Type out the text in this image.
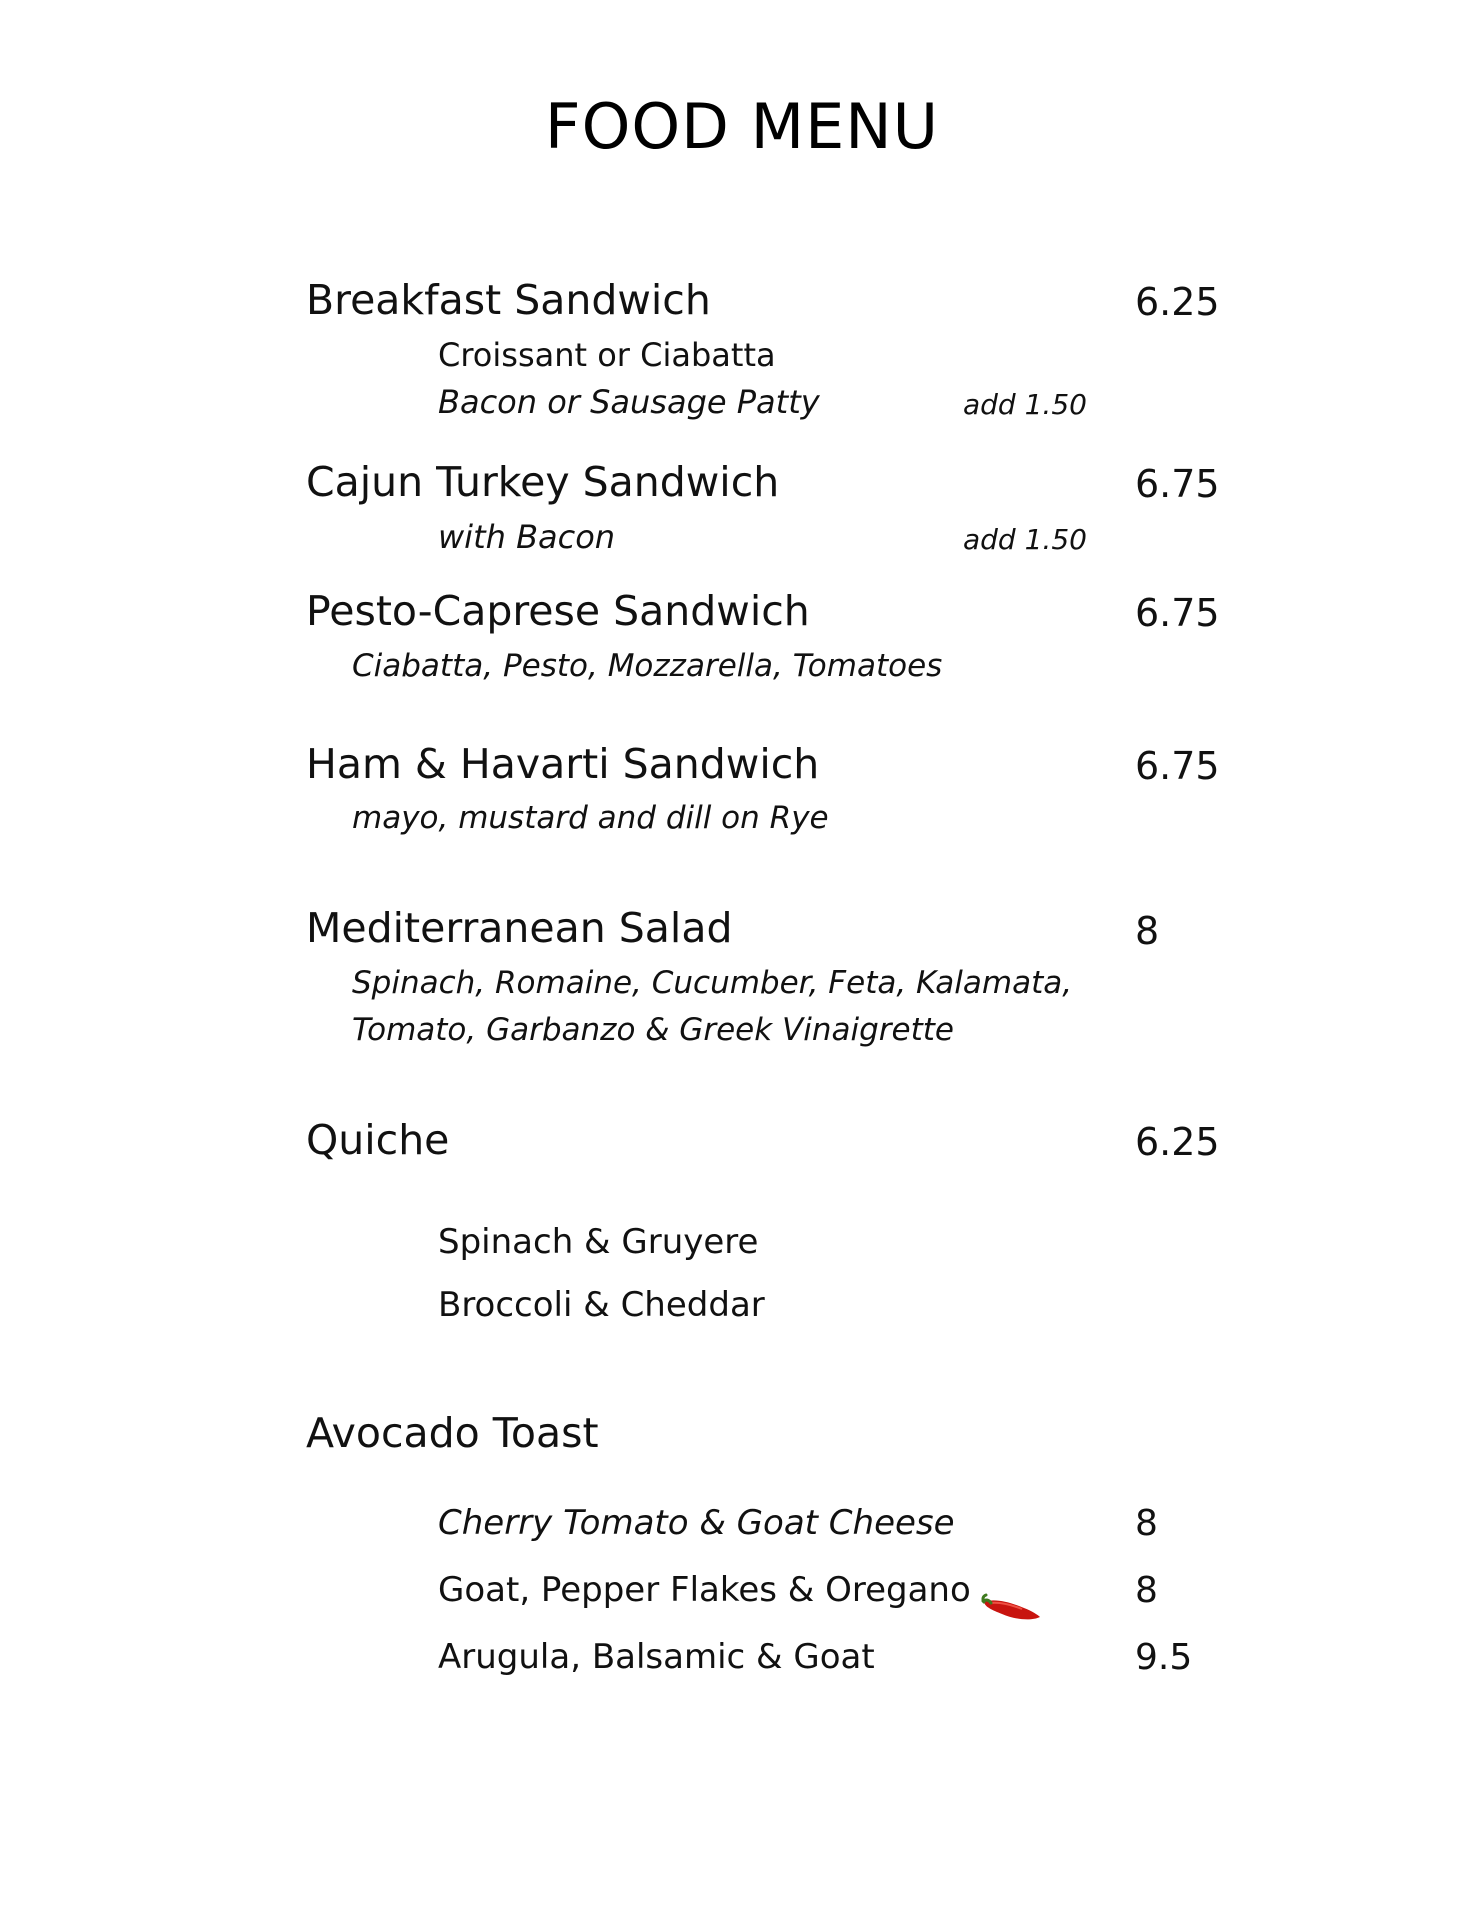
FOOD MENU
Breakfast Sandwich	6.25
Croissant or Ciabatta
Bacon or Sausage Patty	add 1.50
Cajun Turkey Sandwich	6.75
with Bacon	add 1.50
Pesto-Caprese Sandwich	6.75
Ciabatta, Pesto, Mozzarella, Tomatoes
Ham & Havarti Sandwich	6.75
mayo, mustard and dill on Rye
Mediterranean Salad	8
Spinach, Romaine, Cucumber, Feta, Kalamata,
Tomato, Garbanzo & Greek Vinaigrette
Quiche	6.25
Spinach & Gruyere
Broccoli & Cheddar
Avocado Toast
Cherry Tomato & Goat Cheese	8
Goat, Pepper Flakes & Oregano	8
Arugula, Balsamic & Goat	9.5
